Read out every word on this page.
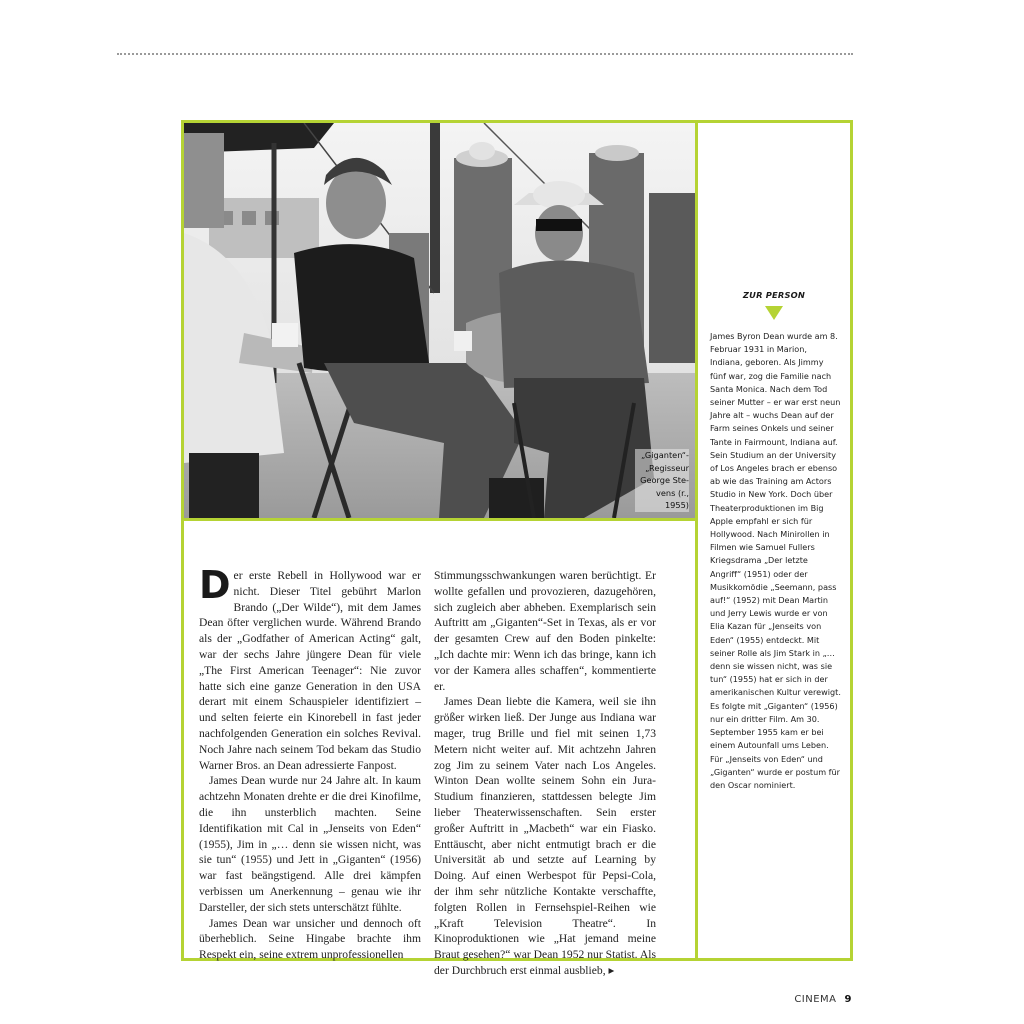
„Giganten“-
„Regisseur
George Ste-
vens (r., 1955)

Der erste Rebell in Hollywood war er nicht. Dieser Titel gebührt Marlon Brando („Der Wilde“), mit dem James Dean öfter verglichen wurde. Während Brando als der „Godfather of American Acting“ galt, war der sechs Jahre jüngere Dean für viele „The First American Teenager“: Nie zuvor hatte sich eine ganze Generation in den USA derart mit einem Schauspieler identifiziert – und selten feierte ein Kinorebell in fast jeder nachfolgenden Generation ein solches Revival. Noch Jahre nach seinem Tod bekam das Studio Warner Bros. an Dean adressierte Fanpost.

James Dean wurde nur 24 Jahre alt. In kaum achtzehn Monaten drehte er die drei Kinofilme, die ihn unsterblich machten. Seine Identifikation mit Cal in „Jenseits von Eden“ (1955), Jim in „… denn sie wissen nicht, was sie tun“ (1955) und Jett in „Giganten“ (1956) war fast beängstigend. Alle drei kämpfen verbissen um Anerkennung – genau wie ihr Darsteller, der sich stets unterschätzt fühlte.

James Dean war unsicher und dennoch oft überheblich. Seine Hingabe brachte ihm Respekt ein, seine extrem unprofessionellen

Stimmungsschwankungen waren berüchtigt. Er wollte gefallen und provozieren, dazugehören, sich zugleich aber abheben. Exemplarisch sein Auftritt am „Giganten“-Set in Texas, als er vor der gesamten Crew auf den Boden pinkelte: „Ich dachte mir: Wenn ich das bringe, kann ich vor der Kamera alles schaffen“, kommentierte er.

James Dean liebte die Kamera, weil sie ihn größer wirken ließ. Der Junge aus Indiana war mager, trug Brille und fiel mit seinen 1,73 Metern nicht weiter auf. Mit achtzehn Jahren zog Jim zu seinem Vater nach Los Angeles. Winton Dean wollte seinem Sohn ein Jura-Studium finanzieren, stattdessen belegte Jim lieber Theaterwissenschaften. Sein erster großer Auftritt in „Macbeth“ war ein Fiasko. Enttäuscht, aber nicht entmutigt brach er die Universität ab und setzte auf Learning by Doing. Auf einen Werbespot für Pepsi-Cola, der ihm sehr nützliche Kontakte verschaffte, folgten Rollen in Fernsehspiel-Reihen wie „Kraft Television Theatre“. In Kinoproduktionen wie „Hat jemand meine Braut gesehen?“ war Dean 1952 nur Statist. Als der Durchbruch erst einmal ausblieb, ▸

ZUR PERSON
James Byron Dean wurde am 8. Februar 1931 in Marion, Indiana, geboren. Als Jimmy fünf war, zog die Familie nach Santa Monica. Nach dem Tod seiner Mutter – er war erst neun Jahre alt – wuchs Dean auf der Farm seines Onkels und seiner Tante in Fairmount, Indiana auf. Sein Studium an der University of Los Angeles brach er ebenso ab wie das Training am Actors Studio in New York. Doch über Theaterproduktionen im Big Apple empfahl er sich für Hollywood. Nach Minirollen in Filmen wie Samuel Fullers Kriegsdrama „Der letzte Angriff“ (1951) oder der Musikkomödie „Seemann, pass auf!“ (1952) mit Dean Martin und Jerry Lewis wurde er von Elia Kazan für „Jenseits von Eden“ (1955) entdeckt. Mit seiner Rolle als Jim Stark in „… denn sie wissen nicht, was sie tun“ (1955) hat er sich in der amerikanischen Kultur verewigt. Es folgte mit „Giganten“ (1956) nur ein dritter Film. Am 30. September 1955 kam er bei einem Autounfall ums Leben. Für „Jenseits von Eden“ und „Giganten“ wurde er postum für den Oscar nominiert.
CINEMA 9
